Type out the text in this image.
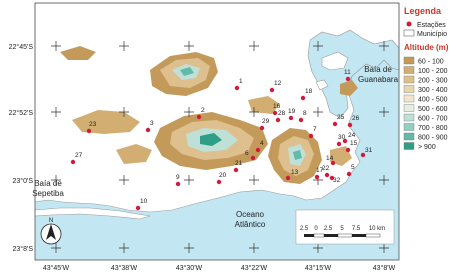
1
2
3
4
5
6
7
8
9
10
11
12
13
14
15
16
17
18
19
20
21
22
23
24
25 26
27
28
29
30
31
32
Baía de
Guanabara
Baía de
Sepetiba
Oceano
Atlântico
22°45'S
22°52'S
23°0'S
23°8'S
43°45'W	43°38'W	43°30'W	43°22'W	43°15'W	43°8'W
N
2.5 0 2.5 5 7.5 10 km
Legenda
Estações
Município
Altitude (m)
60 - 100
100 - 200
200 - 300
300 - 400
400 - 500
500 - 600
600 - 700
700 - 800
800 - 900
> 900
